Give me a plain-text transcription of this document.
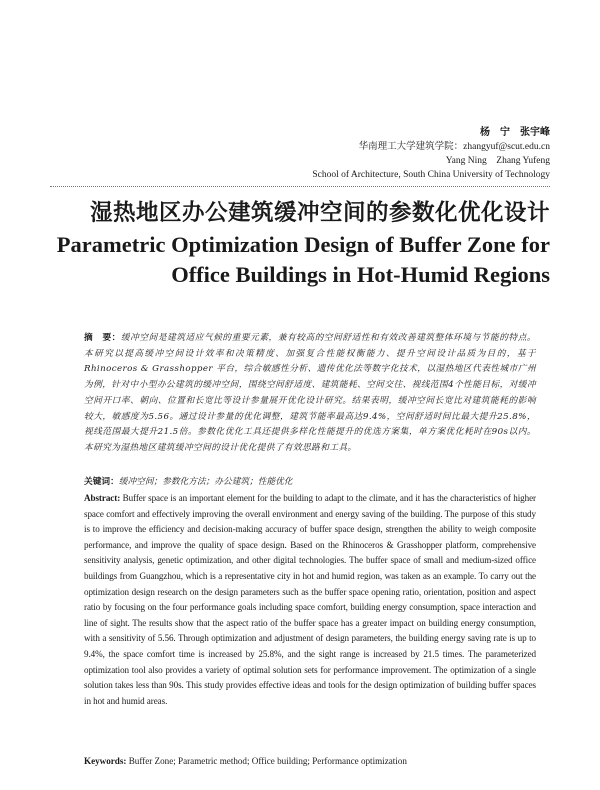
杨　宁　张宇峰
华南理工大学建筑学院：zhangyuf@scut.edu.cn
Yang Ning　Zhang Yufeng
School of Architecture, South China University of Technology
湿热地区办公建筑缓冲空间的参数化优化设计
Parametric Optimization Design of Buffer Zone for
Office Buildings in Hot-Humid Regions
摘　要：缓冲空间是建筑适应气候的重要元素，兼有较高的空间舒适性和有效改善建筑整体环境与节能的特点。本研究以提高缓冲空间设计效率和决策精度、加强复合性能权衡能力、提升空间设计品质为目的，基于 Rhinoceros & Grasshopper 平台，综合敏感性分析、遗传优化法等数字化技术，以湿热地区代表性城市广州为例，针对中小型办公建筑的缓冲空间，围绕空间舒适度、建筑能耗、空间交往、视线范围4个性能目标，对缓冲空间开口率、朝向、位置和长宽比等设计参量展开优化设计研究。结果表明，缓冲空间长宽比对建筑能耗的影响较大，敏感度为5.56。通过设计参量的优化调整，建筑节能率最高达9.4%，空间舒适时间比最大提升25.8%，视线范围最大提升21.5倍。参数化优化工具还提供多样化性能提升的优选方案集，单方案优化耗时在90s以内。本研究为湿热地区建筑缓冲空间的设计优化提供了有效思路和工具。
关键词：缓冲空间；参数化方法；办公建筑；性能优化
Abstract: Buffer space is an important element for the building to adapt to the climate, and it has the characteristics of higher space comfort and effectively improving the overall environment and energy saving of the building. The purpose of this study is to improve the efficiency and decision-making accuracy of buffer space design, strengthen the ability to weigh composite performance, and improve the quality of space design. Based on the Rhinoceros & Grasshopper platform, comprehensive sensitivity analysis, genetic optimization, and other digital technologies. The buffer space of small and medium-sized office buildings from Guangzhou, which is a representative city in hot and humid region, was taken as an example. To carry out the optimization design research on the design parameters such as the buffer space opening ratio, orientation, position and aspect ratio by focusing on the four performance goals including space comfort, building energy consumption, space interaction and line of sight. The results show that the aspect ratio of the buffer space has a greater impact on building energy consumption, with a sensitivity of 5.56. Through optimization and adjustment of design parameters, the building energy saving rate is up to 9.4%, the space comfort time is increased by 25.8%, and the sight range is increased by 21.5 times. The parameterized optimization tool also provides a variety of optimal solution sets for performance improvement. The optimization of a single solution takes less than 90s. This study provides effective ideas and tools for the design optimization of building buffer spaces in hot and humid areas.
Keywords: Buffer Zone; Parametric method; Office building; Performance optimization
